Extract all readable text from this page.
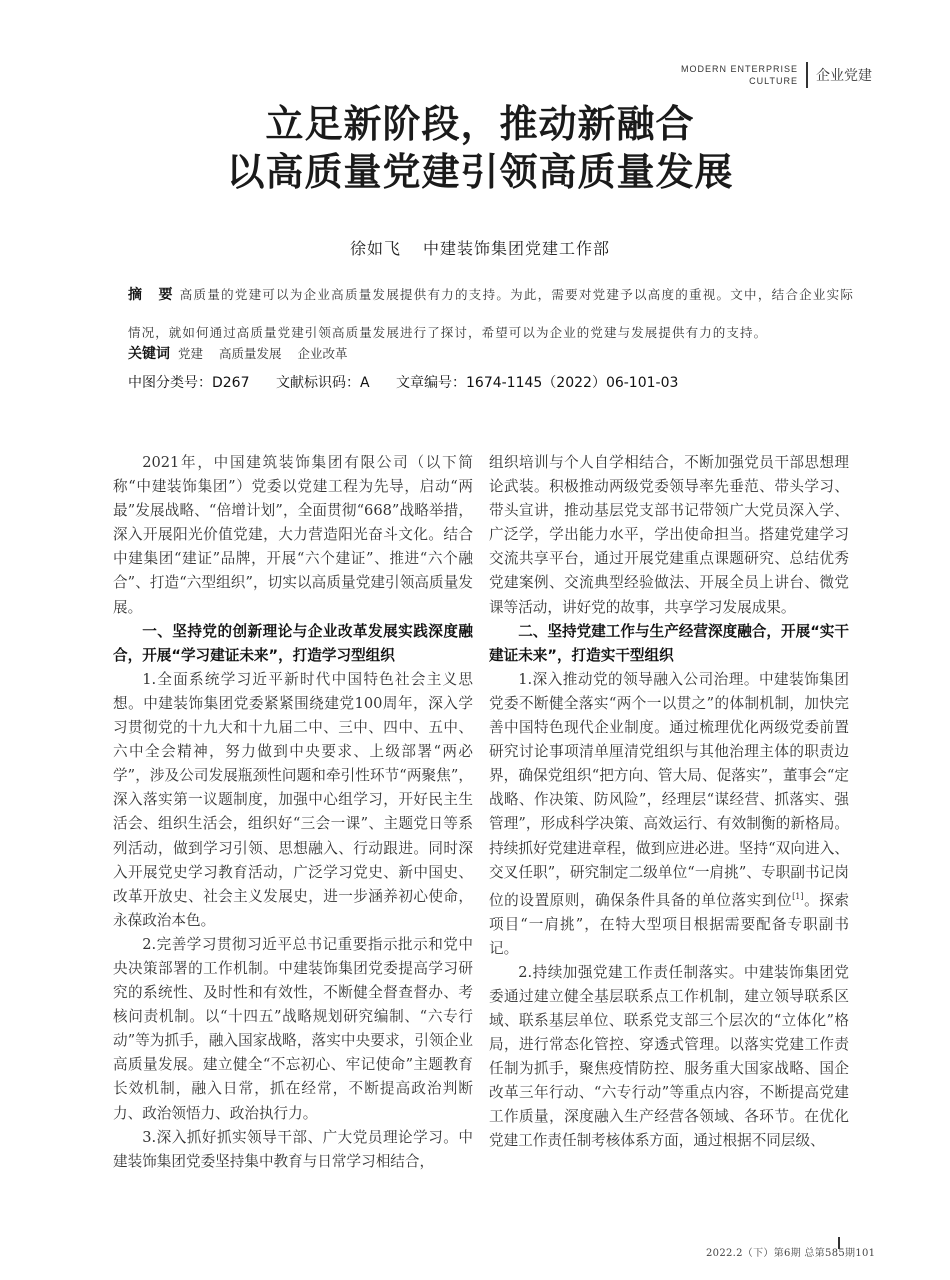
MODERN ENTERPRISE
CULTURE 企业党建
立足新阶段，推动新融合
以高质量党建引领高质量发展
徐如飞 中建装饰集团党建工作部
摘　要 高质量的党建可以为企业高质量发展提供有力的支持。为此，需要对党建予以高度的重视。文中，结合企业实际情况，就如何通过高质量党建引领高质量发展进行了探讨，希望可以为企业的党建与发展提供有力的支持。
关键词 党建 高质量发展 企业改革
中图分类号：D267 文献标识码：A 文章编号：1674-1145（2022）06-101-03

2021年，中国建筑装饰集团有限公司（以下简称“中建装饰集团”）党委以党建工程为先导，启动“两最”发展战略、“倍增计划”，全面贯彻“668”战略举措，深入开展阳光价值党建，大力营造阳光奋斗文化。结合中建集团“建证”品牌，开展“六个建证”、推进“六个融合”、打造“六型组织”，切实以高质量党建引领高质量发展。

一、坚持党的创新理论与企业改革发展实践深度融合，开展“学习建证未来”，打造学习型组织

1.全面系统学习近平新时代中国特色社会主义思想。中建装饰集团党委紧紧围绕建党100周年，深入学习贯彻党的十九大和十九届二中、三中、四中、五中、六中全会精神，努力做到中央要求、上级部署“两必学”，涉及公司发展瓶颈性问题和牵引性环节“两聚焦”，深入落实第一议题制度，加强中心组学习，开好民主生活会、组织生活会，组织好“三会一课”、主题党日等系列活动，做到学习引领、思想融入、行动跟进。同时深入开展党史学习教育活动，广泛学习党史、新中国史、改革开放史、社会主义发展史，进一步涵养初心使命，永葆政治本色。

2.完善学习贯彻习近平总书记重要指示批示和党中央决策部署的工作机制。中建装饰集团党委提高学习研究的系统性、及时性和有效性，不断健全督查督办、考核问责机制。以“十四五”战略规划研究编制、“六专行动”等为抓手，融入国家战略，落实中央要求，引领企业高质量发展。建立健全“不忘初心、牢记使命”主题教育长效机制，融入日常，抓在经常，不断提高政治判断力、政治领悟力、政治执行力。

3.深入抓好抓实领导干部、广大党员理论学习。中建装饰集团党委坚持集中教育与日常学习相结合，

组织培训与个人自学相结合，不断加强党员干部思想理论武装。积极推动两级党委领导率先垂范、带头学习、带头宣讲，推动基层党支部书记带领广大党员深入学、广泛学，学出能力水平，学出使命担当。搭建党建学习交流共享平台，通过开展党建重点课题研究、总结优秀党建案例、交流典型经验做法、开展全员上讲台、微党课等活动，讲好党的故事，共享学习发展成果。

二、坚持党建工作与生产经营深度融合，开展“实干建证未来”，打造实干型组织

1.深入推动党的领导融入公司治理。中建装饰集团党委不断健全落实“两个一以贯之”的体制机制，加快完善中国特色现代企业制度。通过梳理优化两级党委前置研究讨论事项清单厘清党组织与其他治理主体的职责边界，确保党组织“把方向、管大局、促落实”，董事会“定战略、作决策、防风险”，经理层“谋经营、抓落实、强管理”，形成科学决策、高效运行、有效制衡的新格局。持续抓好党建进章程，做到应进必进。坚持“双向进入、交叉任职”，研究制定二级单位“一肩挑”、专职副书记岗位的设置原则，确保条件具备的单位落实到位[1]。探索项目“一肩挑”，在特大型项目根据需要配备专职副书记。

2.持续加强党建工作责任制落实。中建装饰集团党委通过建立健全基层联系点工作机制，建立领导联系区域、联系基层单位、联系党支部三个层次的“立体化”格局，进行常态化管控、穿透式管理。以落实党建工作责任制为抓手，聚焦疫情防控、服务重大国家战略、国企改革三年行动、“六专行动”等重点内容，不断提高党建工作质量，深度融入生产经营各领域、各环节。在优化党建工作责任制考核体系方面，通过根据不同层级、

2022.2（下）第6期 总第585期101
